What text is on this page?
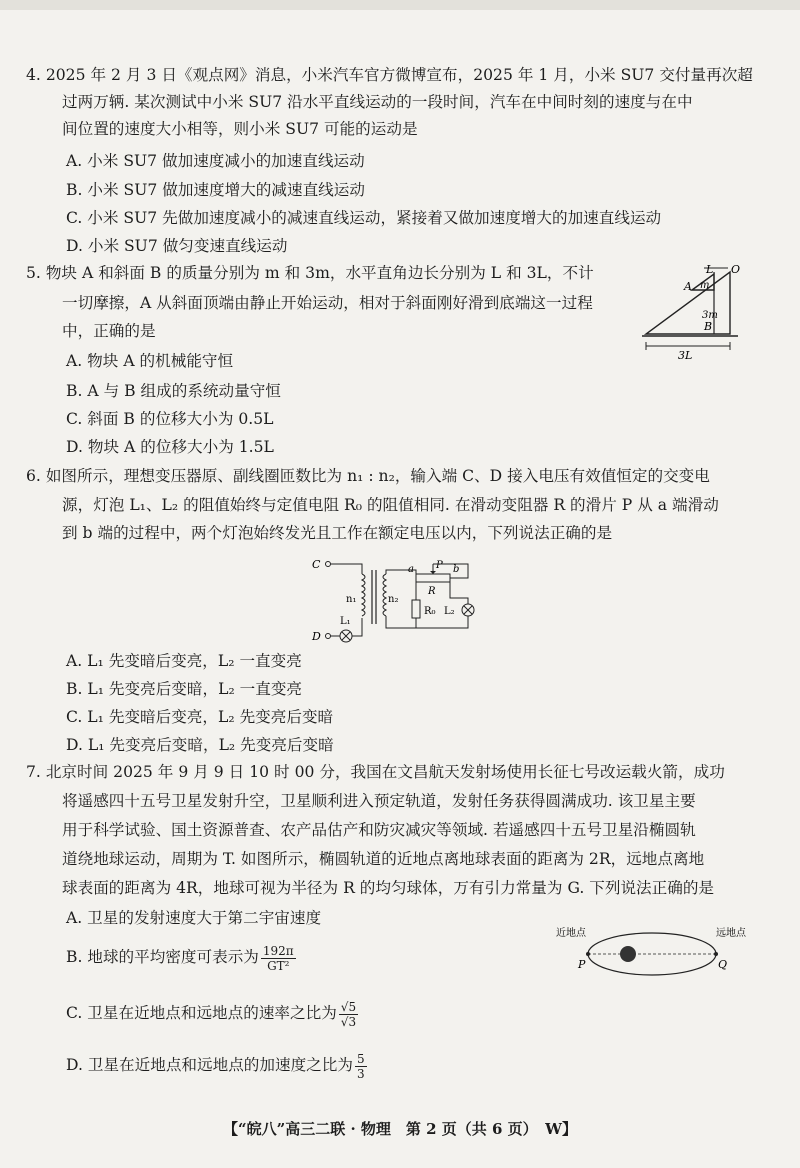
4. 2025 年 2 月 3 日《观点网》消息，小米汽车官方微博宣布，2025 年 1 月，小米 SU7 交付量再次超
过两万辆. 某次测试中小米 SU7 沿水平直线运动的一段时间，汽车在中间时刻的速度与在中
间位置的速度大小相等，则小米 SU7 可能的运动是
A. 小米 SU7 做加速度减小的加速直线运动
B. 小米 SU7 做加速度增大的减速直线运动
C. 小米 SU7 先做加速度减小的减速直线运动，紧接着又做加速度增大的加速直线运动
D. 小米 SU7 做匀变速直线运动
5. 物块 A 和斜面 B 的质量分别为 m 和 3m，水平直角边长分别为 L 和 3L，不计
一切摩擦，A 从斜面顶端由静止开始运动，相对于斜面刚好滑到底端这一过程
中，正确的是
A. 物块 A 的机械能守恒
B. A 与 B 组成的系统动量守恒
C. 斜面 B 的位移大小为 0.5L
D. 物块 A 的位移大小为 1.5L
L O
A m
3m
B
3L
6. 如图所示，理想变压器原、副线圈匝数比为 n₁ : n₂，输入端 C、D 接入电压有效值恒定的交变电
源，灯泡 L₁、L₂ 的阻值始终与定值电阻 R₀ 的阻值相同. 在滑动变阻器 R 的滑片 P 从 a 端滑动
到 b 端的过程中，两个灯泡始终发光且工作在额定电压以内，下列说法正确的是
C
D
L₁
n₁	n₂
a P b
R
R₀ L₂
A. L₁ 先变暗后变亮，L₂ 一直变亮
B. L₁ 先变亮后变暗，L₂ 一直变亮
C. L₁ 先变暗后变亮，L₂ 先变亮后变暗
D. L₁ 先变亮后变暗，L₂ 先变亮后变暗
7. 北京时间 2025 年 9 月 9 日 10 时 00 分，我国在文昌航天发射场使用长征七号改运载火箭，成功
将遥感四十五号卫星发射升空，卫星顺利进入预定轨道，发射任务获得圆满成功. 该卫星主要
用于科学试验、国土资源普查、农产品估产和防灾减灾等领域. 若遥感四十五号卫星沿椭圆轨
道绕地球运动，周期为 T. 如图所示，椭圆轨道的近地点离地球表面的距离为 2R，远地点离地
球表面的距离为 4R，地球可视为半径为 R 的均匀球体，万有引力常量为 G. 下列说法正确的是
A. 卫星的发射速度大于第二宇宙速度
B. 地球的平均密度可表示为 $\frac{192\pi}{\text{GT²}}$
C. 卫星在近地点和远地点的速率之比为 $\frac{√5}{√3}$
D. 卫星在近地点和远地点的加速度之比为 $\frac{5}{3}$
近地点	远地点
P	Q
【“皖八”高三二联 · 物理　第 2 页（共 6 页）　W】
